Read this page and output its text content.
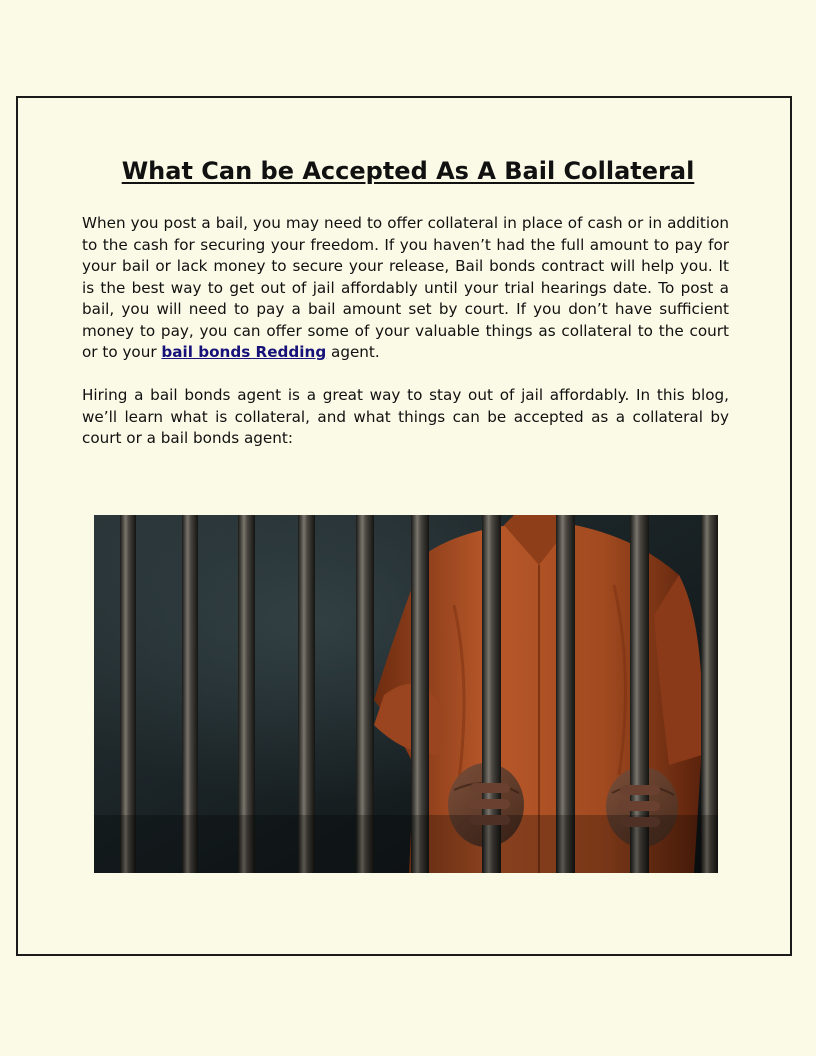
What Can be Accepted As A Bail Collateral

When you post a bail, you may need to offer collateral in place of cash or in addition to the cash for securing your freedom. If you haven’t had the full amount to pay for your bail or lack money to secure your release, Bail bonds contract will help you. It is the best way to get out of jail affordably until your trial hearings date. To post a bail, you will need to pay a bail amount set by court. If you don’t have sufficient money to pay, you can offer some of your valuable things as collateral to the court or to your bail bonds Redding agent.

Hiring a bail bonds agent is a great way to stay out of jail affordably. In this blog, we’ll learn what is collateral, and what things can be accepted as a collateral by court or a bail bonds agent:
